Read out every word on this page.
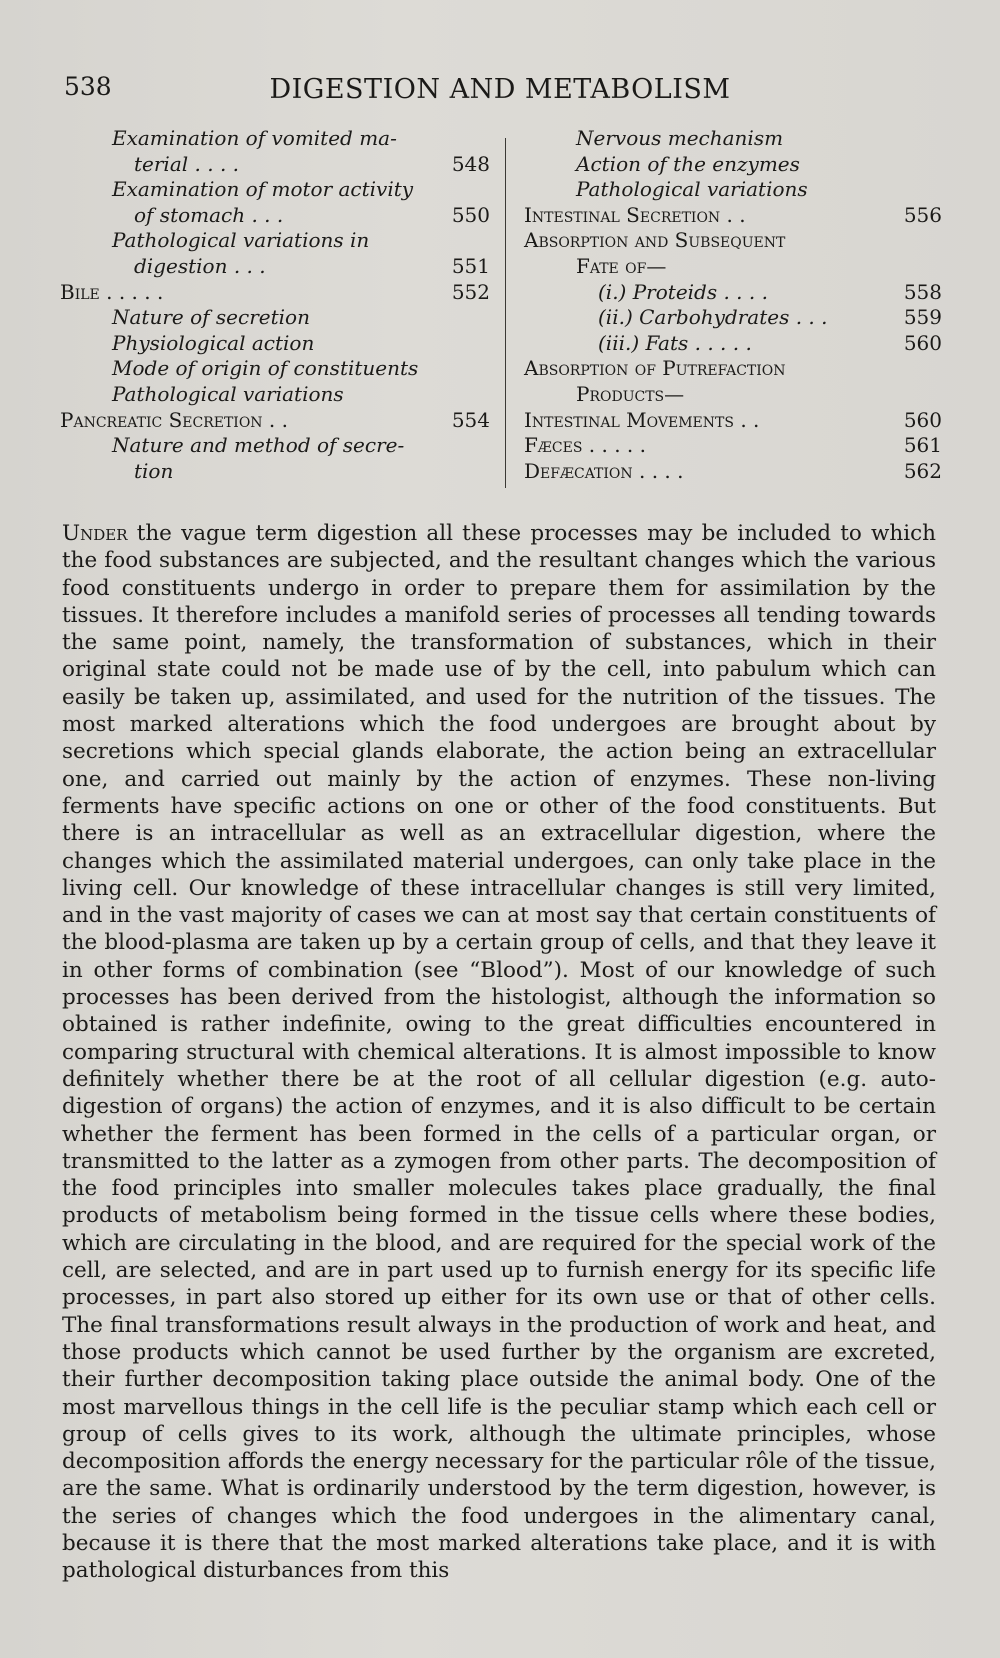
538	DIGESTION AND METABOLISM
Examination of vomited ma-
terial . . . .	548
Examination of motor activity
of stomach . . .	550
Pathological variations in
digestion . . .	551
Bile . . . . .	552
Nature of secretion
Physiological action
Mode of origin of constituents
Pathological variations
Pancreatic Secretion . .	554
Nature and method of secre-
tion
Nervous mechanism
Action of the enzymes
Pathological variations
Intestinal Secretion . .	556
Absorption and Subsequent
Fate of—
(i.) Proteids . . . .	558
(ii.) Carbohydrates . . .	559
(iii.) Fats . . . . .	560
Absorption of Putrefaction
Products—
Intestinal Movements . .	560
Fæces . . . . .	561
Defæcation . . . .	562

Under the vague term digestion all these processes may be included to which the food substances are subjected, and the resultant changes which the various food constituents undergo in order to prepare them for assimilation by the tissues. It therefore includes a manifold series of processes all tending towards the same point, namely, the transformation of substances, which in their original state could not be made use of by the cell, into pabulum which can easily be taken up, assimilated, and used for the nutrition of the tissues. The most marked alterations which the food undergoes are brought about by secretions which special glands elaborate, the action being an extracellular one, and carried out mainly by the action of enzymes. These non-living ferments have specific actions on one or other of the food constituents. But there is an intracellular as well as an extracellular digestion, where the changes which the assimilated material undergoes, can only take place in the living cell. Our knowledge of these intracellular changes is still very limited, and in the vast majority of cases we can at most say that certain constituents of the blood-plasma are taken up by a certain group of cells, and that they leave it in other forms of combination (see “Blood”). Most of our knowledge of such processes has been derived from the histologist, although the information so obtained is rather indefinite, owing to the great difficulties encountered in comparing structural with chemical alterations. It is almost impossible to know definitely whether there be at the root of all cellular digestion (e.g. auto-digestion of organs) the action of enzymes, and it is also difficult to be certain whether the ferment has been formed in the cells of a particular organ, or transmitted to the latter as a zymogen from other parts. The decomposition of the food principles into smaller molecules takes place gradually, the final products of metabolism being formed in the tissue cells where these bodies, which are circulating in the blood, and are required for the special work of the cell, are selected, and are in part used up to furnish energy for its specific life processes, in part also stored up either for its own use or that of other cells. The final transformations result always in the production of work and heat, and those products which cannot be used further by the organism are excreted, their further decomposition taking place outside the animal body. One of the most marvellous things in the cell life is the peculiar stamp which each cell or group of cells gives to its work, although the ultimate principles, whose decomposition affords the energy necessary for the particular rôle of the tissue, are the same. What is ordinarily understood by the term digestion, however, is the series of changes which the food undergoes in the alimentary canal, because it is there that the most marked alterations take place, and it is with pathological disturbances from this
